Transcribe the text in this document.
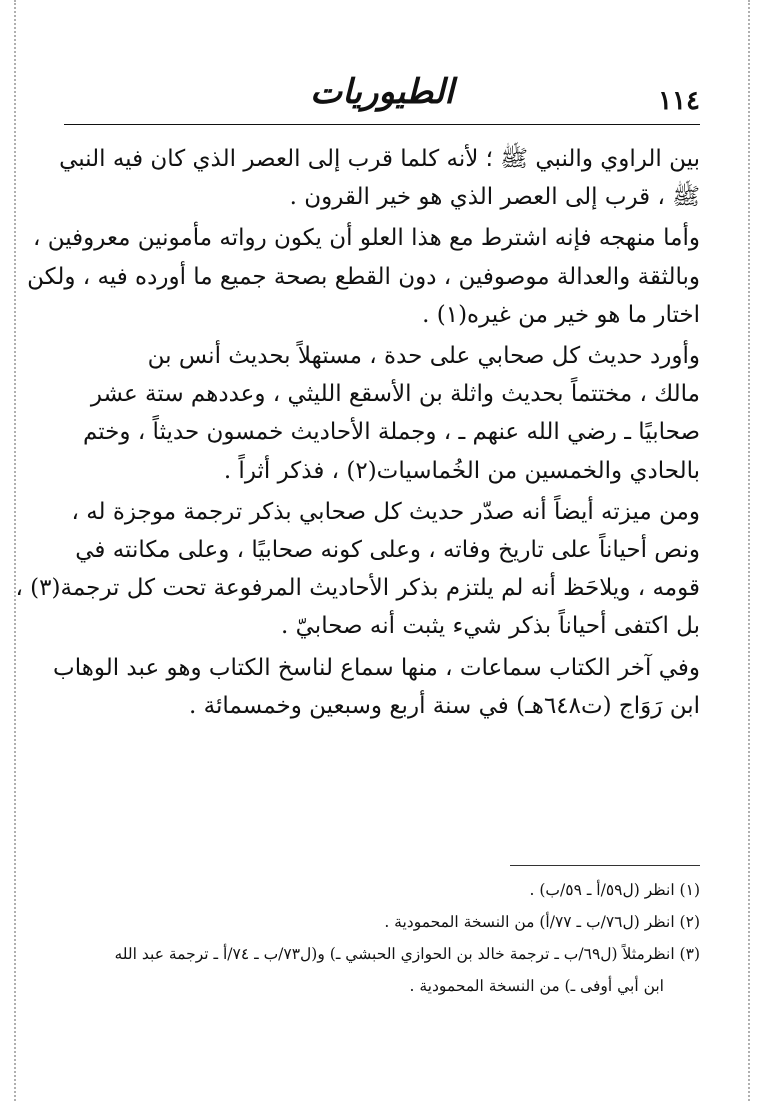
١١٤
الطيوريات
بين الراوي والنبي ﷺ ؛ لأنه كلما قرب إلى العصر الذي كان فيه النبي
ﷺ ، قرب إلى العصر الذي هو خير القرون .
وأما منهجه فإنه اشترط مع هذا العلو أن يكون رواته مأمونين معروفين ،
وبالثقة والعدالة موصوفين ، دون القطع بصحة جميع ما أورده فيه ، ولكن
اختار ما هو خير من غيره(١) .
وأورد حديث كل صحابي على حدة ، مستهلاً بحديث أنس بن
مالك ، مختتماً بحديث واثلة بن الأسقع الليثي ، وعددهم ستة عشر
صحابيًا ـ رضي الله عنهم ـ ، وجملة الأحاديث خمسون حديثاً ، وختم
بالحادي والخمسين من الخُماسيات(٢) ، فذكر أثراً .
ومن ميزته أيضاً أنه صدّر حديث كل صحابي بذكر ترجمة موجزة له ،
ونص أحياناً على تاريخ وفاته ، وعلى كونه صحابيًا ، وعلى مكانته في
قومه ، ويلاحَظ أنه لم يلتزم بذكر الأحاديث المرفوعة تحت كل ترجمة(٣) ،
بل اكتفى أحياناً بذكر شيء يثبت أنه صحابيّ .
وفي آخر الكتاب سماعات ، منها سماع لناسخ الكتاب وهو عبد الوهاب
ابن رَوَاج (ت٦٤٨هـ) في سنة أربع وسبعين وخمسمائة .
(١) انظر (ل٥٩/أ ـ ٥٩/ب) .
(٢) انظر (ل٧٦/ب ـ ٧٧/أ) من النسخة المحمودية .
(٣) انظرمثلاً (ل٦٩/ب ـ ترجمة خالد بن الحوازي الحبشي ـ) و(ل٧٣/ب ـ ٧٤/أ ـ ترجمة عبد الله
ابن أبي أوفى ـ) من النسخة المحمودية .
